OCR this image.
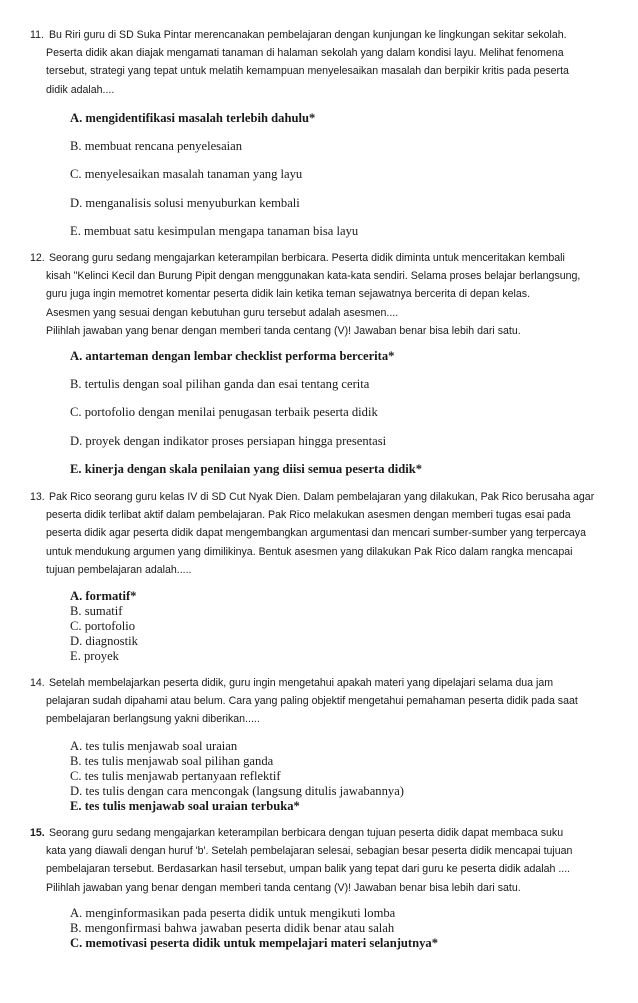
11. Bu Riri guru di SD Suka Pintar merencanakan pembelajaran dengan kunjungan ke lingkungan sekitar sekolah.
Peserta didik akan diajak mengamati tanaman di halaman sekolah yang dalam kondisi layu. Melihat fenomena
tersebut, strategi yang tepat untuk melatih kemampuan menyelesaikan masalah dan berpikir kritis pada peserta
didik adalah....
A. mengidentifikasi masalah terlebih dahulu*
B. membuat rencana penyelesaian
C. menyelesaikan masalah tanaman yang layu
D. menganalisis solusi menyuburkan kembali
E. membuat satu kesimpulan mengapa tanaman bisa layu
12. Seorang guru sedang mengajarkan keterampilan berbicara. Peserta didik diminta untuk menceritakan kembali
kisah "Kelinci Kecil dan Burung Pipit dengan menggunakan kata-kata sendiri. Selama proses belajar berlangsung,
guru juga ingin memotret komentar peserta didik lain ketika teman sejawatnya bercerita di depan kelas.
Asesmen yang sesuai dengan kebutuhan guru tersebut adalah asesmen....
Pilihlah jawaban yang benar dengan memberi tanda centang (V)! Jawaban benar bisa lebih dari satu.
A. antarteman dengan lembar checklist performa bercerita*
B. tertulis dengan soal pilihan ganda dan esai tentang cerita
C. portofolio dengan menilai penugasan terbaik peserta didik
D. proyek dengan indikator proses persiapan hingga presentasi
E. kinerja dengan skala penilaian yang diisi semua peserta didik*
13. Pak Rico seorang guru kelas IV di SD Cut Nyak Dien. Dalam pembelajaran yang dilakukan, Pak Rico berusaha agar
peserta didik terlibat aktif dalam pembelajaran. Pak Rico melakukan asesmen dengan memberi tugas esai pada
peserta didik agar peserta didik dapat mengembangkan argumentasi dan mencari sumber-sumber yang terpercaya
untuk mendukung argumen yang dimilikinya. Bentuk asesmen yang dilakukan Pak Rico dalam rangka mencapai
tujuan pembelajaran adalah.....
A. formatif*
B. sumatif
C. portofolio
D. diagnostik
E. proyek
14. Setelah membelajarkan peserta didik, guru ingin mengetahui apakah materi yang dipelajari selama dua jam
pelajaran sudah dipahami atau belum. Cara yang paling objektif mengetahui pemahaman peserta didik pada saat
pembelajaran berlangsung yakni diberikan.....
A. tes tulis menjawab soal uraian
B. tes tulis menjawab soal pilihan ganda
C. tes tulis menjawab pertanyaan reflektif
D. tes tulis dengan cara mencongak (langsung ditulis jawabannya)
E. tes tulis menjawab soal uraian terbuka*
15. Seorang guru sedang mengajarkan keterampilan berbicara dengan tujuan peserta didik dapat membaca suku
kata yang diawali dengan huruf 'b'. Setelah pembelajaran selesai, sebagian besar peserta didik mencapai tujuan
pembelajaran tersebut. Berdasarkan hasil tersebut, umpan balik yang tepat dari guru ke peserta didik adalah ....
Pilihlah jawaban yang benar dengan memberi tanda centang (V)! Jawaban benar bisa lebih dari satu.
A. menginformasikan pada peserta didik untuk mengikuti lomba
B. mengonfirmasi bahwa jawaban peserta didik benar atau salah
C. memotivasi peserta didik untuk mempelajari materi selanjutnya*
